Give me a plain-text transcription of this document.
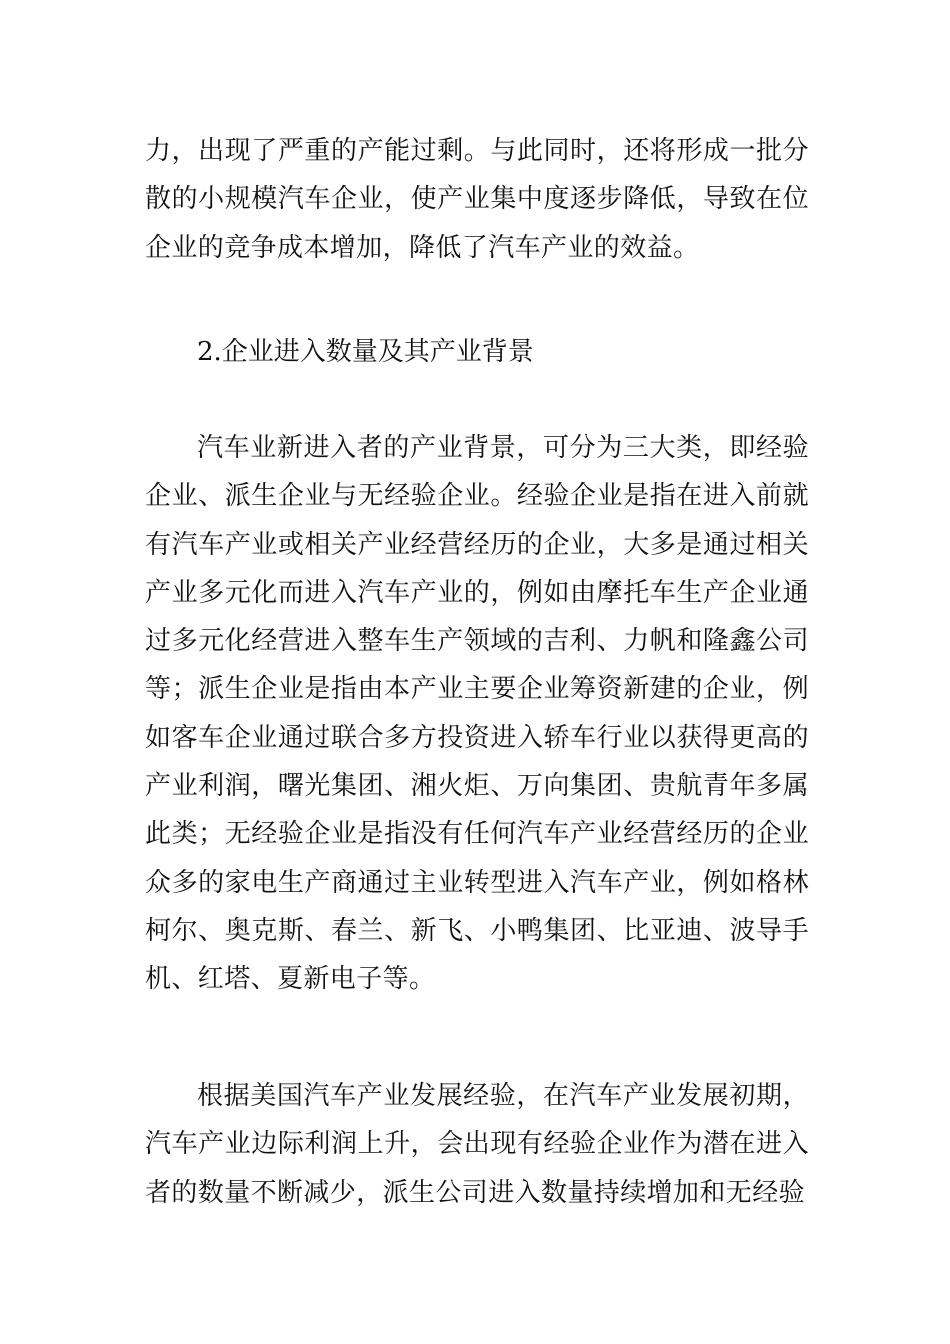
力，出现了严重的产能过剩。与此同时，还将形成一批分散的小规模汽车企业，使产业集中度逐步降低，导致在位企业的竞争成本增加，降低了汽车产业的效益。

2.企业进入数量及其产业背景

汽车业新进入者的产业背景，可分为三大类，即经验企业、派生企业与无经验企业。经验企业是指在进入前就有汽车产业或相关产业经营经历的企业，大多是通过相关产业多元化而进入汽车产业的，例如由摩托车生产企业通过多元化经营进入整车生产领域的吉利、力帆和隆鑫公司等；派生企业是指由本产业主要企业筹资新建的企业，例如客车企业通过联合多方投资进入轿车行业以获得更高的产业利润，曙光集团、湘火炬、万向集团、贵航青年多属此类；无经验企业是指没有任何汽车产业经营经历的企业众多的家电生产商通过主业转型进入汽车产业，例如格林柯尔、奥克斯、春兰、新飞、小鸭集团、比亚迪、波导手机、红塔、夏新电子等。

根据美国汽车产业发展经验，在汽车产业发展初期，汽车产业边际利润上升，会出现有经验企业作为潜在进入者的数量不断减少，派生公司进入数量持续增加和无经验
